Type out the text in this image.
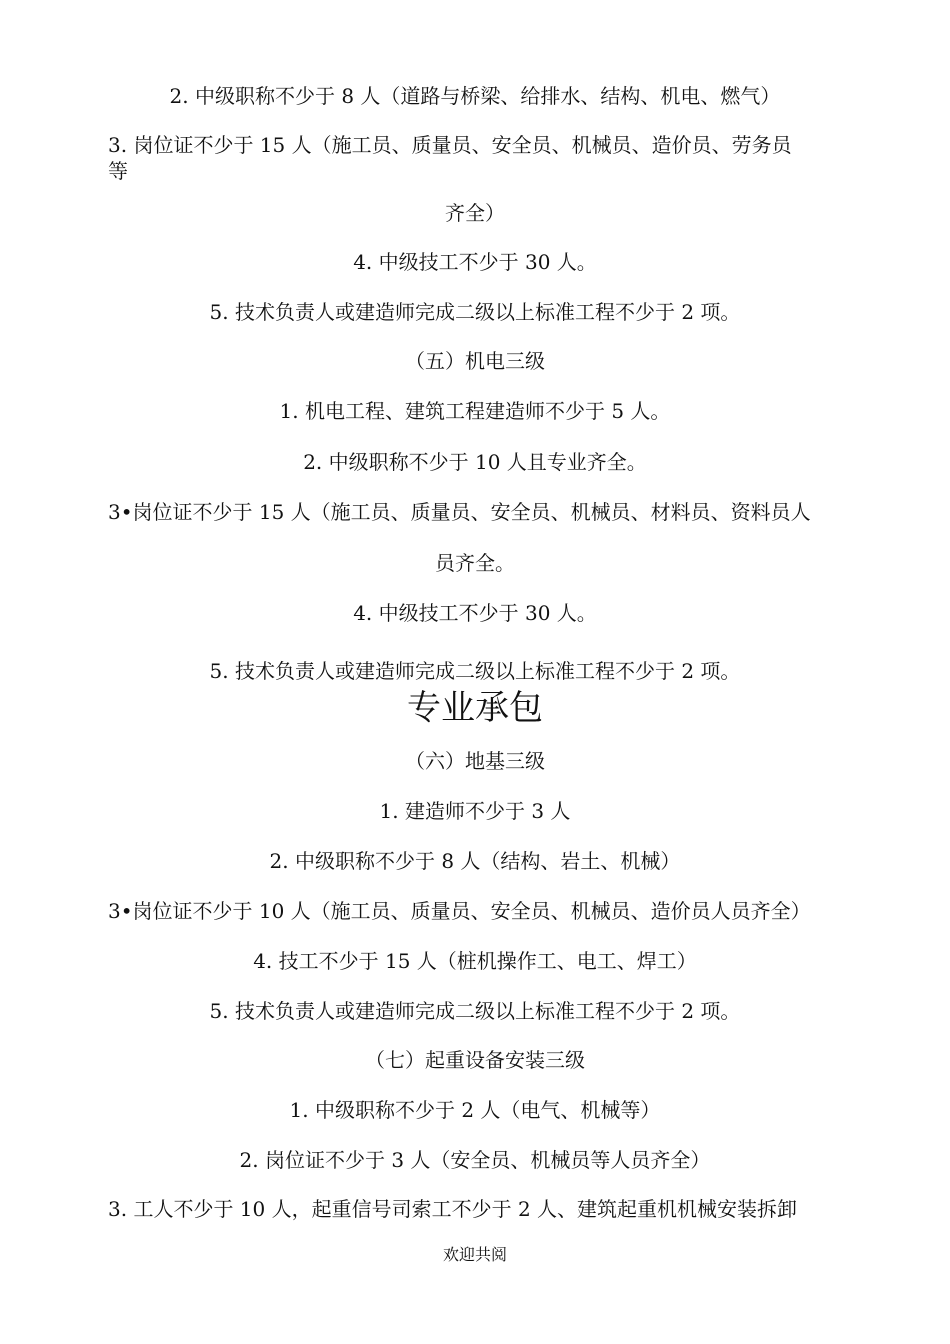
2. 中级职称不少于 8 人（道路与桥梁、给排水、结构、机电、燃气）
3. 岗位证不少于 15 人（施工员、质量员、安全员、机械员、造价员、劳务员
等
齐全）
4. 中级技工不少于 30 人。
5. 技术负责人或建造师完成二级以上标准工程不少于 2 项。
（五）机电三级
1. 机电工程、建筑工程建造师不少于 5 人。
2. 中级职称不少于 10 人且专业齐全。
3•岗位证不少于 15 人（施工员、质量员、安全员、机械员、材料员、资料员人
员齐全。
4. 中级技工不少于 30 人。
5. 技术负责人或建造师完成二级以上标准工程不少于 2 项。
专业承包
（六）地基三级
1. 建造师不少于 3 人
2. 中级职称不少于 8 人（结构、岩土、机械）
3•岗位证不少于 10 人（施工员、质量员、安全员、机械员、造价员人员齐全）
4. 技工不少于 15 人（桩机操作工、电工、焊工）
5. 技术负责人或建造师完成二级以上标准工程不少于 2 项。
（七）起重设备安装三级
1. 中级职称不少于 2 人（电气、机械等）
2. 岗位证不少于 3 人（安全员、机械员等人员齐全）
3. 工人不少于 10 人，起重信号司索工不少于 2 人、建筑起重机机械安装拆卸
欢迎共阅
